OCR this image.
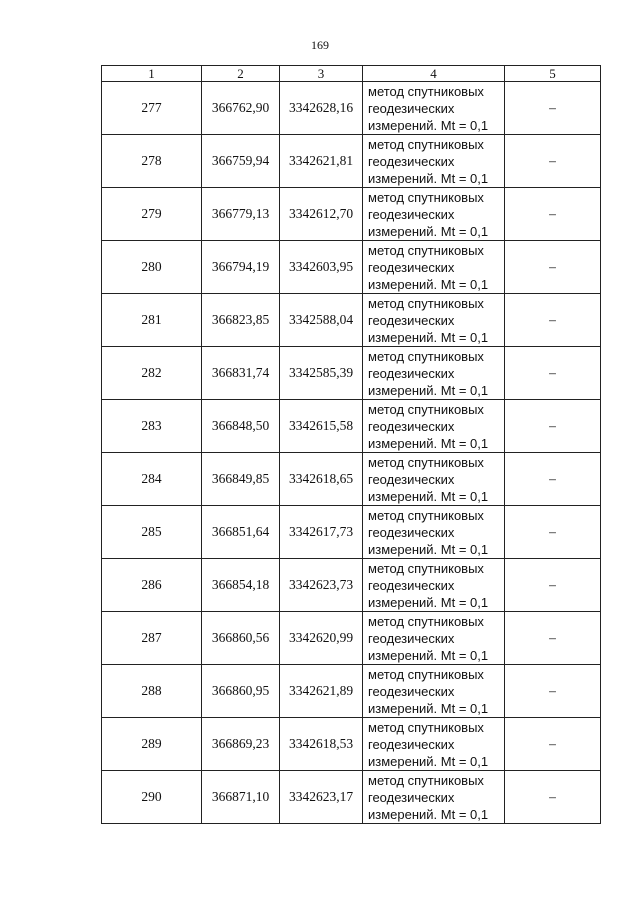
169
1	2	3	4	5
277	366762,90	3342628,16	метод спутниковых
геодезических
измерений. Mt = 0,1	–
278	366759,94	3342621,81	метод спутниковых
геодезических
измерений. Mt = 0,1	–
279	366779,13	3342612,70	метод спутниковых
геодезических
измерений. Mt = 0,1	–
280	366794,19	3342603,95	метод спутниковых
геодезических
измерений. Mt = 0,1	–
281	366823,85	3342588,04	метод спутниковых
геодезических
измерений. Mt = 0,1	–
282	366831,74	3342585,39	метод спутниковых
геодезических
измерений. Mt = 0,1	–
283	366848,50	3342615,58	метод спутниковых
геодезических
измерений. Mt = 0,1	–
284	366849,85	3342618,65	метод спутниковых
геодезических
измерений. Mt = 0,1	–
285	366851,64	3342617,73	метод спутниковых
геодезических
измерений. Mt = 0,1	–
286	366854,18	3342623,73	метод спутниковых
геодезических
измерений. Mt = 0,1	–
287	366860,56	3342620,99	метод спутниковых
геодезических
измерений. Mt = 0,1	–
288	366860,95	3342621,89	метод спутниковых
геодезических
измерений. Mt = 0,1	–
289	366869,23	3342618,53	метод спутниковых
геодезических
измерений. Mt = 0,1	–
290	366871,10	3342623,17	метод спутниковых
геодезических
измерений. Mt = 0,1	–
